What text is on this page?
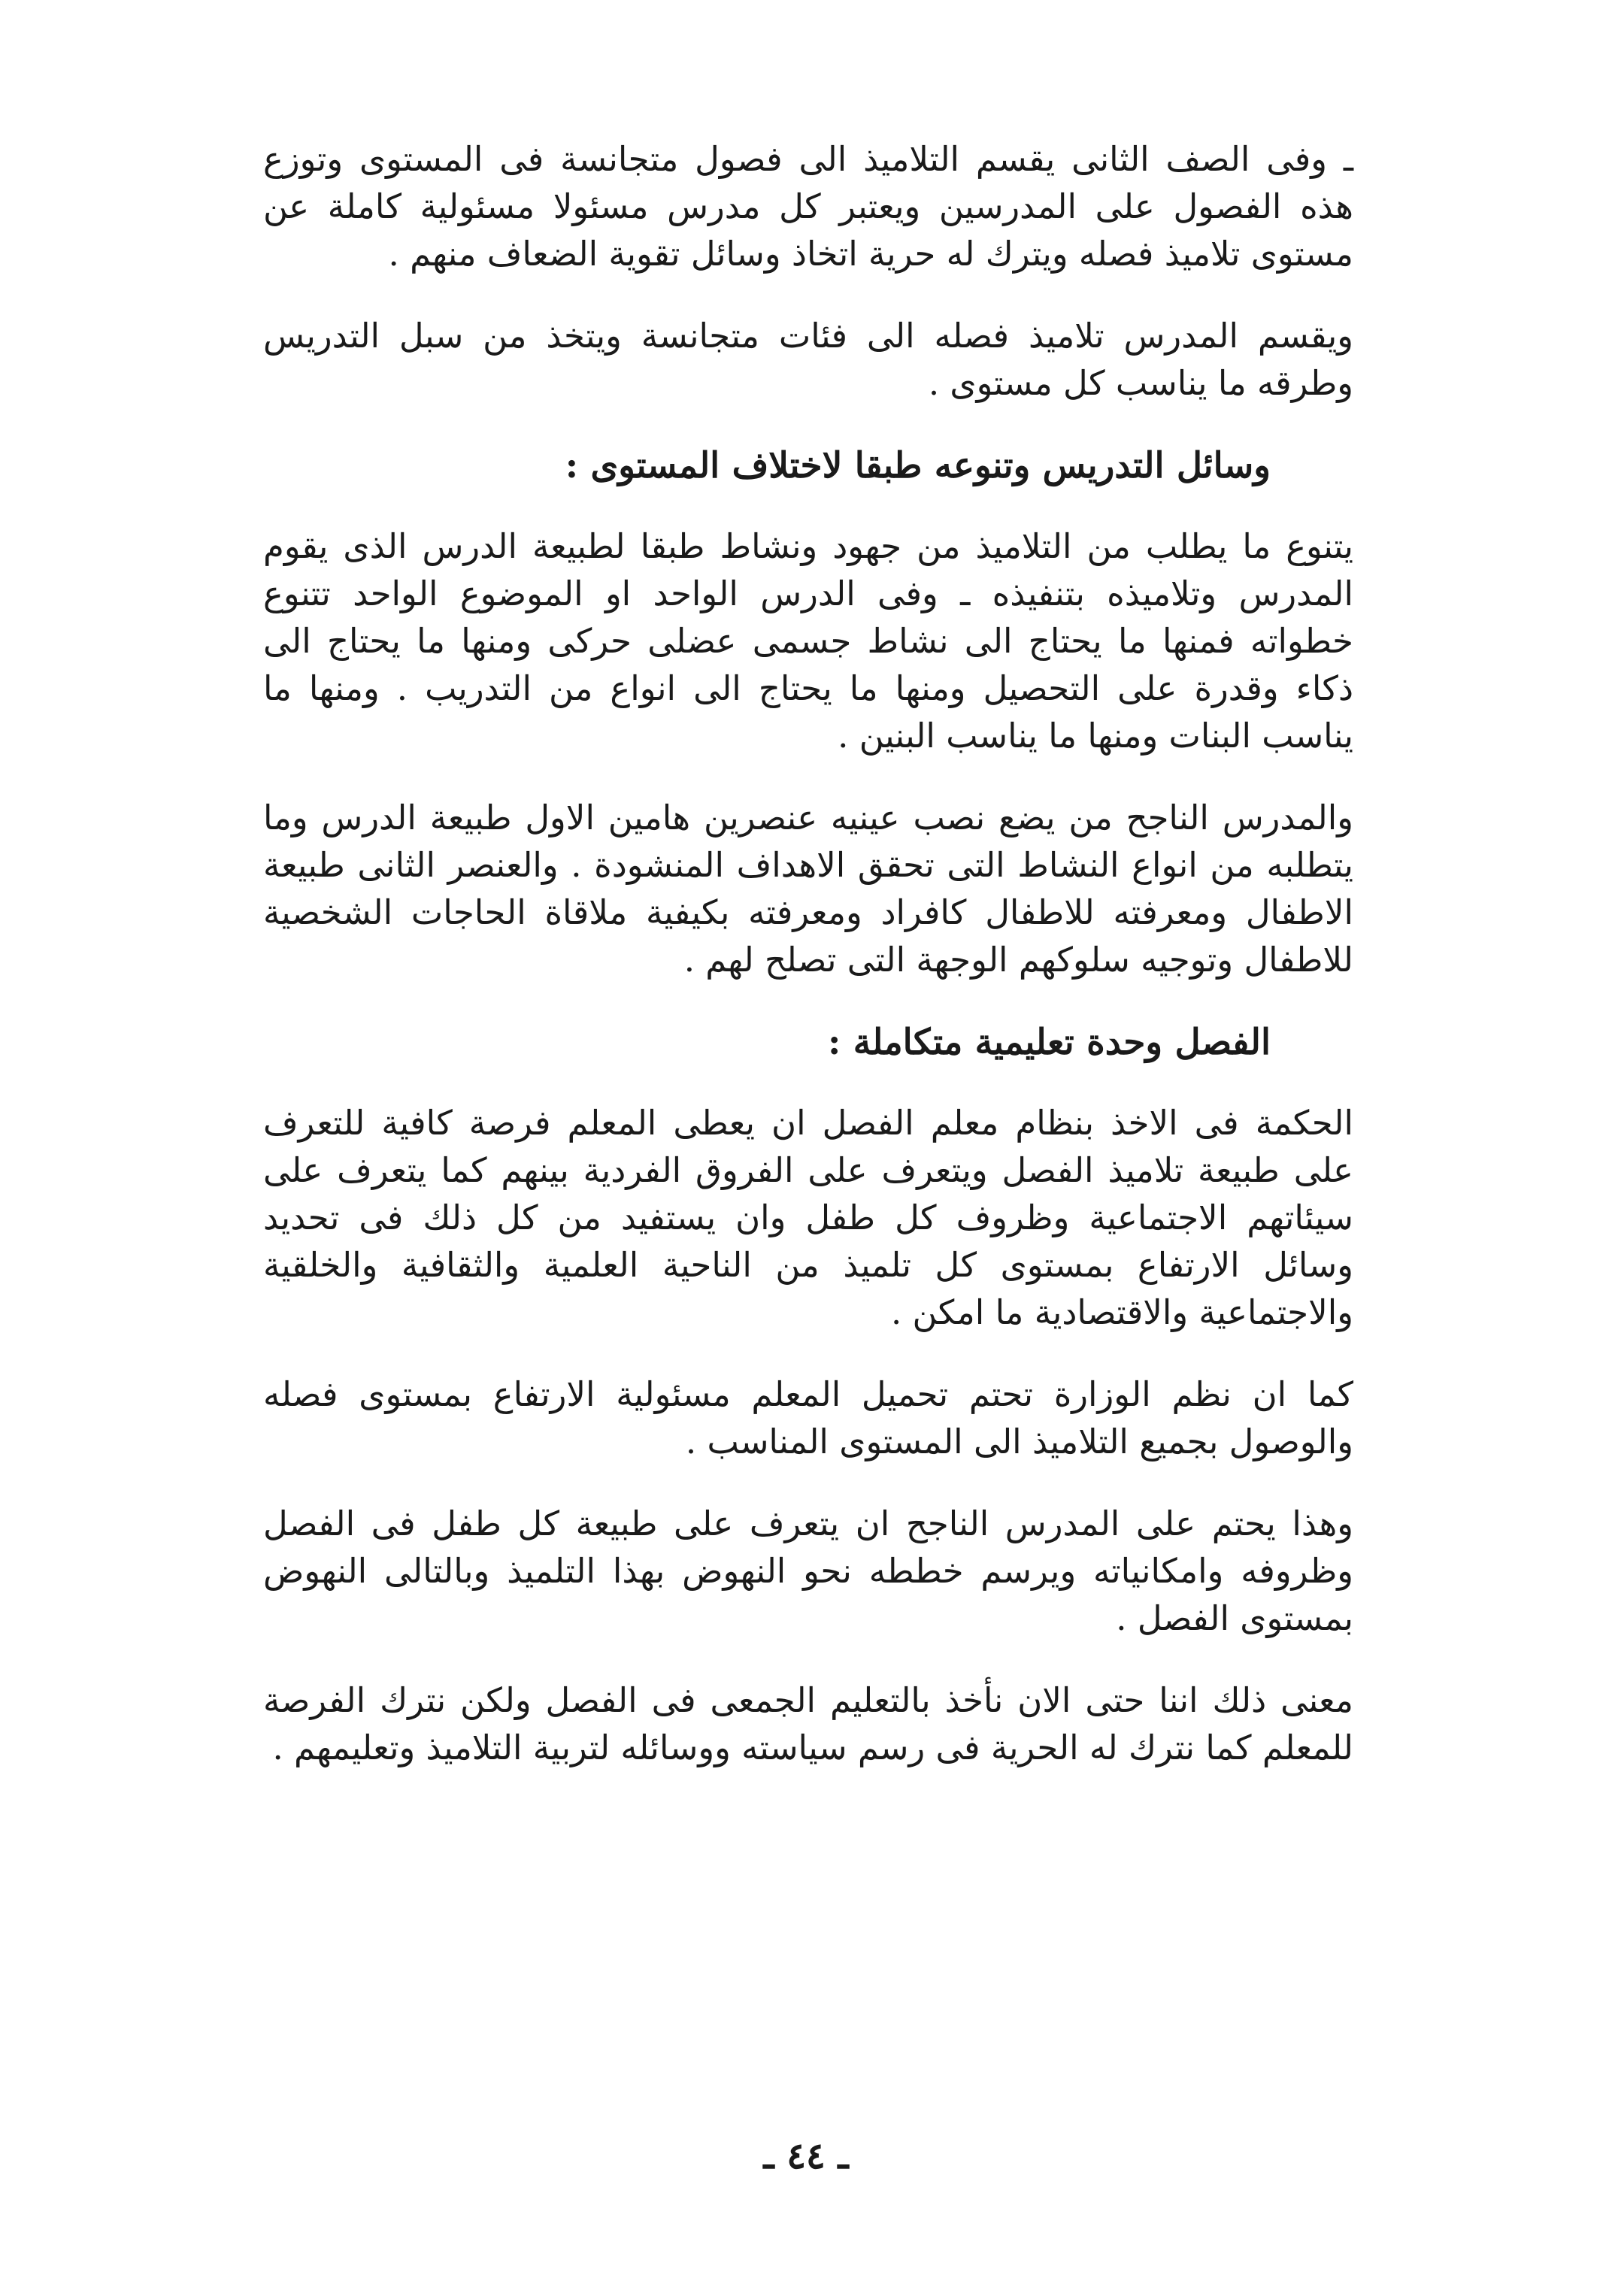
ـ وفى الصف الثانى يقسم التلاميذ الى فصول متجانسة فى المستوى وتوزع هذه الفصول على المدرسين ويعتبر كل مدرس مسئولا مسئولية كاملة عن مستوى تلاميذ فصله ويترك له حرية اتخاذ وسائل تقوية الضعاف منهم .

ويقسم المدرس تلاميذ فصله الى فئات متجانسة ويتخذ من سبل التدريس وطرقه ما يناسب كل مستوى .

وسائل التدريس وتنوعه طبقا لاختلاف المستوى :

يتنوع ما يطلب من التلاميذ من جهود ونشاط طبقا لطبيعة الدرس الذى يقوم المدرس وتلاميذه بتنفيذه ـ وفى الدرس الواحد او الموضوع الواحد تتنوع خطواته فمنها ما يحتاج الى نشاط جسمى عضلى حركى ومنها ما يحتاج الى ذكاء وقدرة على التحصيل ومنها ما يحتاج الى انواع من التدريب . ومنها ما يناسب البنات ومنها ما يناسب البنين .

والمدرس الناجح من يضع نصب عينيه عنصرين هامين الاول طبيعة الدرس وما يتطلبه من انواع النشاط التى تحقق الاهداف المنشودة . والعنصر الثانى طبيعة الاطفال ومعرفته للاطفال كافراد ومعرفته بكيفية ملاقاة الحاجات الشخصية للاطفال وتوجيه سلوكهم الوجهة التى تصلح لهم .

الفصل وحدة تعليمية متكاملة :

الحكمة فى الاخذ بنظام معلم الفصل ان يعطى المعلم فرصة كافية للتعرف على طبيعة تلاميذ الفصل ويتعرف على الفروق الفردية بينهم كما يتعرف على سيئاتهم الاجتماعية وظروف كل طفل وان يستفيد من كل ذلك فى تحديد وسائل الارتفاع بمستوى كل تلميذ من الناحية العلمية والثقافية والخلقية والاجتماعية والاقتصادية ما امكن .

كما ان نظم الوزارة تحتم تحميل المعلم مسئولية الارتفاع بمستوى فصله والوصول بجميع التلاميذ الى المستوى المناسب .

وهذا يحتم على المدرس الناجح ان يتعرف على طبيعة كل طفل فى الفصل وظروفه وامكانياته ويرسم خططه نحو النهوض بهذا التلميذ وبالتالى النهوض بمستوى الفصل .

معنى ذلك اننا حتى الان نأخذ بالتعليم الجمعى فى الفصل ولكن نترك الفرصة للمعلم كما نترك له الحرية فى رسم سياسته ووسائله لتربية التلاميذ وتعليمهم .

ـ ٤٤ ـ
